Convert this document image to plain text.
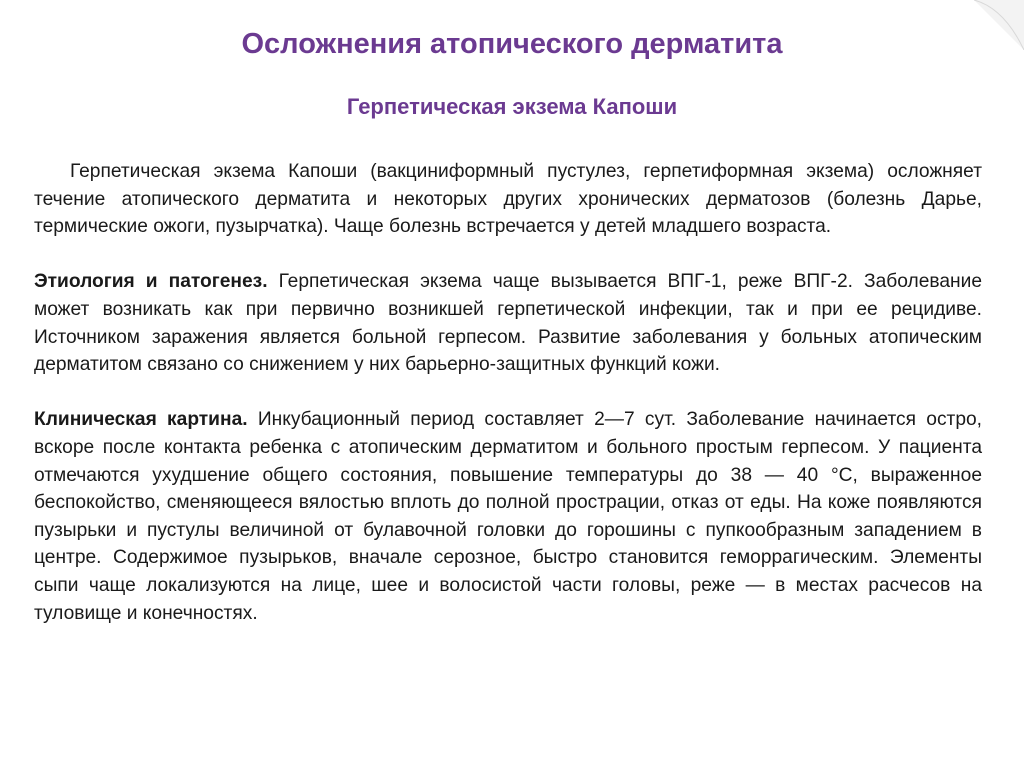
Осложнения атопического дерматита
Герпетическая экзема Капоши

Герпетическая экзема Капоши (вакциниформный пустулез, герпетиформная экзема) осложняет течение атопического дерматита и некоторых других хронических дерматозов (болезнь Дарье, термические ожоги, пузырчатка). Чаще болезнь встречается у детей младшего возраста.

Этиология и патогенез. Герпетическая экзема чаще вызывается ВПГ-1, реже ВПГ-2. Заболевание может возникать как при первично возникшей герпетической инфекции, так и при ее рецидиве. Источником заражения является больной герпесом. Развитие заболевания у больных атопическим дерматитом связано со снижением у них барьерно-защитных функций кожи.

Клиническая картина. Инкубационный период составляет 2—7 сут. Заболевание начинается остро, вскоре после контакта ребенка с атопическим дерматитом и больного простым герпесом. У пациента отмечаются ухудшение общего состояния, повышение температуры до 38 — 40 °С, выраженное беспокойство, сменяющееся вялостью вплоть до полной прострации, отказ от еды. На коже появляются пузырьки и пустулы величиной от булавочной головки до горошины с пупкообразным западением в центре. Содержимое пузырьков, вначале серозное, быстро становится геморрагическим. Элементы сыпи чаще локализуются на лице, шее и волосистой части головы, реже — в местах расчесов на туловище и конечностях.
